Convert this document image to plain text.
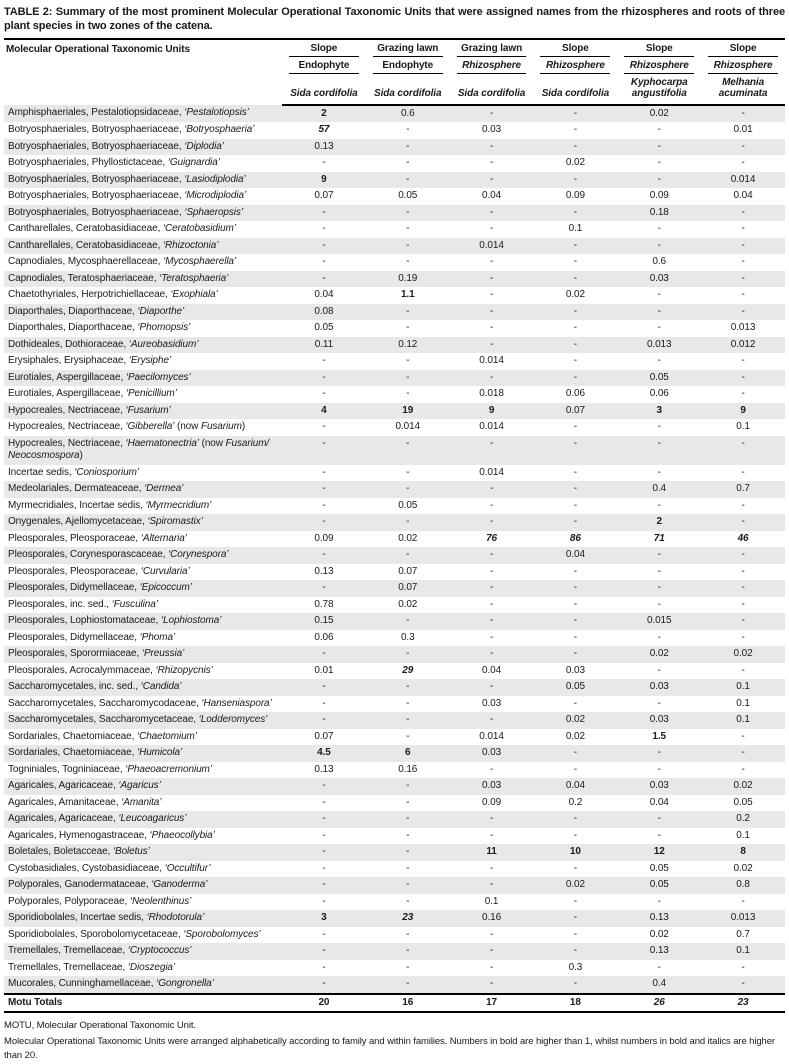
TABLE 2: Summary of the most prominent Molecular Operational Taxonomic Units that were assigned names from the rhizospheres and roots of three plant species in two zones of the catena.
Molecular Operational Taxonomic Units	Slope	Grazing lawn	Grazing lawn	Slope	Slope	Slope

	Endophyte	Endophyte	Rhizosphere	Rhizosphere	Rhizosphere	Rhizosphere

	Sida cordifolia	Sida cordifolia	Sida cordifolia	Sida cordifolia	Kyphocarpa angustifolia	Melhania acuminata

Amphisphaeriales, Pestalotiopsidaceae, ‘Pestalotiopsis’	2	0.6	-	-	0.02	-
Botryosphaeriales, Botryosphaeriaceae, ‘Botryosphaeria’	57	-	0.03	-	-	0.01
Botryosphaeriales, Botryosphaeriaceae, ‘Diplodia’	0.13	-	-	-	-	-
Botryosphaeriales, Phyllostictaceae, ‘Guignardia’	-	-	-	0.02	-	-
Botryosphaeriales, Botryosphaeriaceae, ‘Lasiodiplodia’	9	-	-	-	-	0.014
Botryosphaeriales, Botryosphaeriaceae, ‘Microdiplodia’	0.07	0.05	0.04	0.09	0.09	0.04
Botryosphaeriales, Botryosphaeriaceae, ‘Sphaeropsis’	-	-	-	-	0.18	-
Cantharellales, Ceratobasidiaceae, ‘Ceratobasidium’	-	-	-	0.1	-	-
Cantharellales, Ceratobasidiaceae, ‘Rhizoctonia’	-	-	0.014	-	-	-
Capnodiales, Mycosphaerellaceae, ‘Mycosphaerella’	-	-	-	-	0.6	-
Capnodiales, Teratosphaeriaceae, ‘Teratosphaeria’	-	0.19	-	-	0.03	-
Chaetothyriales, Herpotrichiellaceae, ‘Exophiala’	0.04	1.1	-	0.02	-	-
Diaporthales, Diaporthaceae, ‘Diaporthe’	0.08	-	-	-	-	-
Diaporthales, Diaporthaceae, ‘Phomopsis’	0.05	-	-	-	-	0.013
Dothideales, Dothioraceae, ‘Aureobasidium’	0.11	0.12	-	-	0.013	0.012
Erysiphales, Erysiphaceae, ‘Erysiphe’	-	-	0.014	-	-	-
Eurotiales, Aspergillaceae, ‘Paecilomyces’	-	-	-	-	0.05	-
Eurotiales, Aspergillaceae, ‘Penicillium’	-	-	0.018	0.06	0.06	-
Hypocreales, Nectriaceae, ‘Fusarium’	4	19	9	0.07	3	9
Hypocreales, Nectriaceae, ‘Gibberella’ (now Fusarium)	-	0.014	0.014	-	-	0.1
Hypocreales, Nectriaceae, ‘Haematonectria’ (now Fusarium/​Neocosmospora)	-	-	-	-	-	-
Incertae sedis, ‘Coniosporium’	-	-	0.014	-	-	-
Medeolariales, Dermateaceae, ‘Dermea’	-	-	-	-	0.4	0.7
Myrmecridiales, Incertae sedis, ‘Myrmecridium’	-	0.05	-	-	-	-
Onygenales, Ajellomycetaceae, ‘Spiromastix’	-	-	-	-	2	-
Pleosporales, Pleosporaceae, ‘Alternaria’	0.09	0.02	76	86	71	46
Pleosporales, Corynesporascaceae, ‘Corynespora’	-	-	-	0.04	-	-
Pleosporales, Pleosporaceae, ‘Curvularia’	0.13	0.07	-	-	-	-
Pleosporales, Didymellaceae, ‘Epicoccum’	-	0.07	-	-	-	-
Pleosporales, inc. sed., ‘Fusculina’	0.78	0.02	-	-	-	-
Pleosporales, Lophiostomataceae, ‘Lophiostoma’	0.15	-	-	-	0.015	-
Pleosporales, Didymellaceae, ‘Phoma’	0.06	0.3	-	-	-	-
Pleosporales, Sporormiaceae, ‘Preussia’	-	-	-	-	0.02	0.02
Pleosporales, Acrocalymmaceae, ‘Rhizopycnis’	0.01	29	0.04	0.03	-	-
Saccharomycetales, inc. sed., ‘Candida’	-	-	-	0.05	0.03	0.1
Saccharomycetales, Saccharomycodaceae, ‘Hanseniaspora’	-	-	0.03	-	-	0.1
Saccharomycetales, Saccharomycetaceae, ‘Lodderomyces’	-	-	-	0.02	0.03	0.1
Sordariales, Chaetomiaceae, ‘Chaetomium’	0.07	-	0.014	0.02	1.5	-
Sordariales, Chaetomiaceae, ‘Humicola’	4.5	6	0.03	-	-	-
Togniniales, Togniniaceae, ‘Phaeoacremonium’	0.13	0.16	-	-	-	-
Agaricales, Agaricaceae, ‘Agaricus’	-	-	0.03	0.04	0.03	0.02
Agaricales, Amanitaceae, ‘Amanita’	-	-	0.09	0.2	0.04	0.05
Agaricales, Agaricaceae, ‘Leucoagaricus’	-	-	-	-	-	0.2
Agaricales, Hymenogastraceae, ‘Phaeocollybia’	-	-	-	-	-	0.1
Boletales, Boletacceae, ‘Boletus’	-	-	11	10	12	8
Cystobasidiales, Cystobasidiaceae, ‘Occultifur’	-	-	-	-	0.05	0.02
Polyporales, Ganodermataceae, ‘Ganoderma’	-	-	-	0.02	0.05	0.8
Polyporales, Polyporaceae, ‘Neolenthinus’	-	-	0.1	-	-	-
Sporidiobolales, Incertae sedis, ‘Rhodotorula’	3	23	0.16	-	0.13	0.013
Sporidiobolales, Sporobolomycetaceae, ‘Sporobolomyces’	-	-	-	-	0.02	0.7
Tremellales, Tremellaceae, ‘Cryptococcus’	-	-	-	-	0.13	0.1
Tremellales, Tremellaceae, ‘Dioszegia’	-	-	-	0.3	-	-
Mucorales, Cunninghamellaceae, ‘Gongronella’	-	-	-	-	0.4	-
Motu Totals	20	16	17	18	26	23

MOTU, Molecular Operational Taxonomic Unit.

Molecular Operational Taxonomic Units were arranged alphabetically according to family and within families. Numbers in bold are higher than 1, whilst numbers in bold and italics are higher than 20.
